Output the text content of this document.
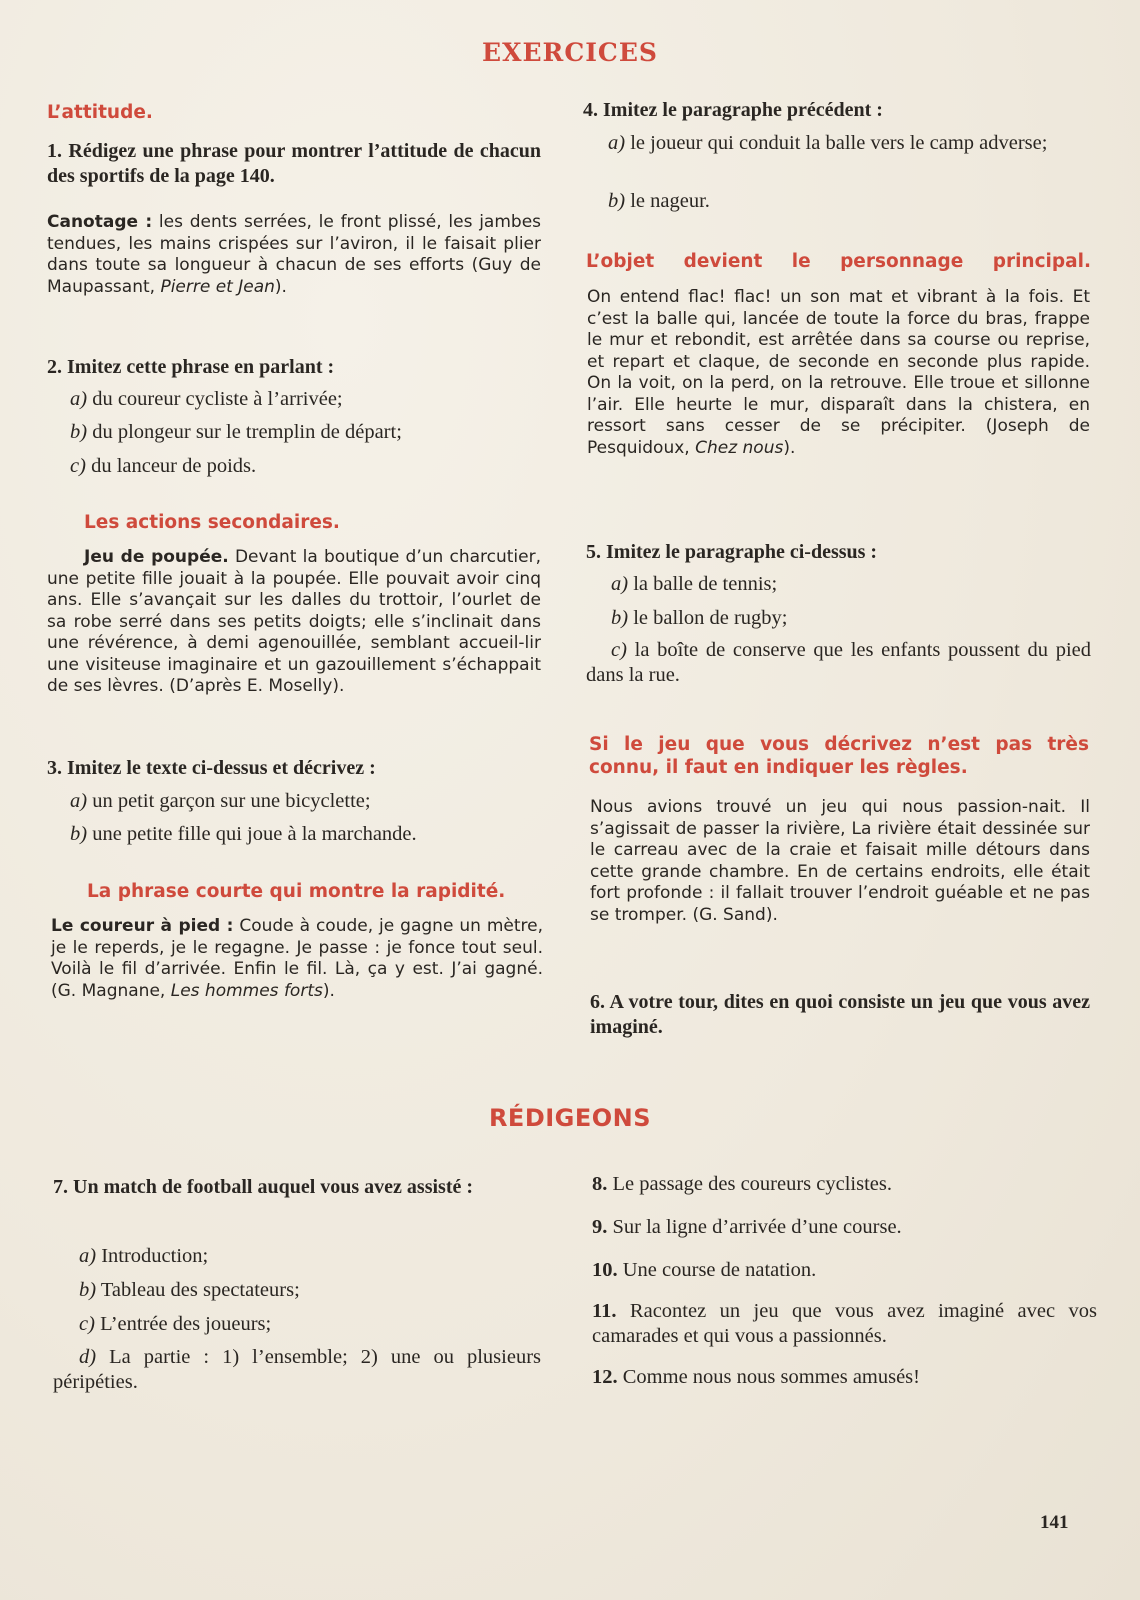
EXERCICES
L’attitude.
1. Rédigez une phrase pour montrer l’attitude de chacun des sportifs de la page 140.
Canotage : les dents serrées, le front plissé, les jambes tendues, les mains crispées sur l’aviron, il le faisait plier dans toute sa longueur à chacun de ses efforts (Guy de Maupassant, Pierre et Jean).
2. Imitez cette phrase en parlant :
a) du coureur cycliste à l’arrivée;
b) du plongeur sur le tremplin de départ;
c) du lanceur de poids.
Les actions secondaires.
Jeu de poupée. Devant la boutique d’un charcutier, une petite fille jouait à la poupée. Elle pouvait avoir cinq ans. Elle s’avançait sur les dalles du trottoir, l’ourlet de sa robe serré dans ses petits doigts; elle s’inclinait dans une révérence, à demi agenouillée, semblant accueil-lir une visiteuse imaginaire et un gazouillement s’échappait de ses lèvres. (D’après E. Moselly).
3. Imitez le texte ci-dessus et décrivez :
a) un petit garçon sur une bicyclette;
b) une petite fille qui joue à la marchande.
La phrase courte qui montre la rapidité.
Le coureur à pied : Coude à coude, je gagne un mètre, je le reperds, je le regagne. Je passe : je fonce tout seul. Voilà le fil d’arrivée. Enfin le fil. Là, ça y est. J’ai gagné. (G. Magnane, Les hommes forts).
4. Imitez le paragraphe précédent :
a) le joueur qui conduit la balle vers le camp adverse;
b) le nageur.
L’objet devient le personnage principal.
On entend flac! flac! un son mat et vibrant à la fois. Et c’est la balle qui, lancée de toute la force du bras, frappe le mur et rebondit, est arrêtée dans sa course ou reprise, et repart et claque, de seconde en seconde plus rapide. On la voit, on la perd, on la retrouve. Elle troue et sillonne l’air. Elle heurte le mur, disparaît dans la chistera, en ressort sans cesser de se précipiter. (Joseph de Pesquidoux, Chez nous).
5. Imitez le paragraphe ci-dessus :
a) la balle de tennis;
b) le ballon de rugby;
c) la boîte de conserve que les enfants poussent du pied dans la rue.
Si le jeu que vous décrivez n’est pas très connu, il faut en indiquer les règles.
Nous avions trouvé un jeu qui nous passion-nait. Il s’agissait de passer la rivière, La rivière était dessinée sur le carreau avec de la craie et faisait mille détours dans cette grande chambre. En de certains endroits, elle était fort profonde : il fallait trouver l’endroit guéable et ne pas se tromper. (G. Sand).
6. A votre tour, dites en quoi consiste un jeu que vous avez imaginé.
RÉDIGEONS
7. Un match de football auquel vous avez assisté :
a) Introduction;
b) Tableau des spectateurs;
c) L’entrée des joueurs;
d) La partie : 1) l’ensemble; 2) une ou plusieurs péripéties.
8. Le passage des coureurs cyclistes.
9. Sur la ligne d’arrivée d’une course.
10. Une course de natation.
11. Racontez un jeu que vous avez imaginé avec vos camarades et qui vous a passionnés.
12. Comme nous nous sommes amusés!
141
